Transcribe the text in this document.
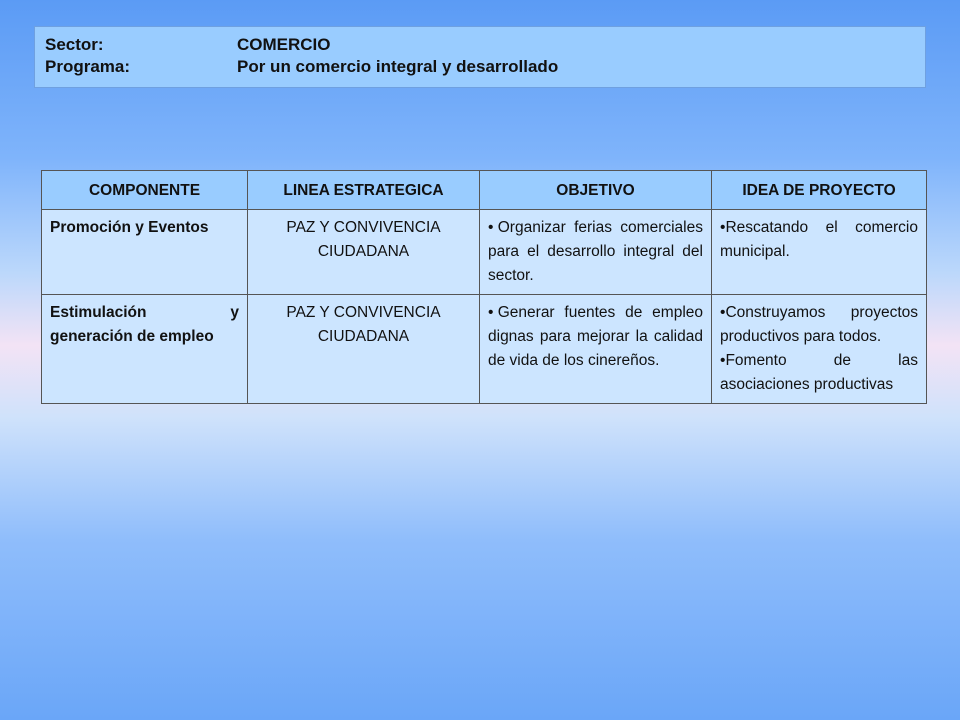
Sector:	COMERCIO
Programa:	Por un comercio integral y desarrollado
COMPONENTE	LINEA ESTRATEGICA	OBJETIVO	IDEA DE PROYECTO
Promoción y Eventos	PAZ Y CONVIVENCIA CIUDADANA	• Organizar ferias comerciales para el desarrollo integral del sector.	•Rescatando el comercio municipal.

Estimulación y generación de empleo	PAZ Y CONVIVENCIA CIUDADANA	• Generar fuentes de empleo dignas para mejorar la calidad de vida de los cinereños.	•Construyamos proyectos productivos para todos.
•Fomento de las asociaciones productivas
